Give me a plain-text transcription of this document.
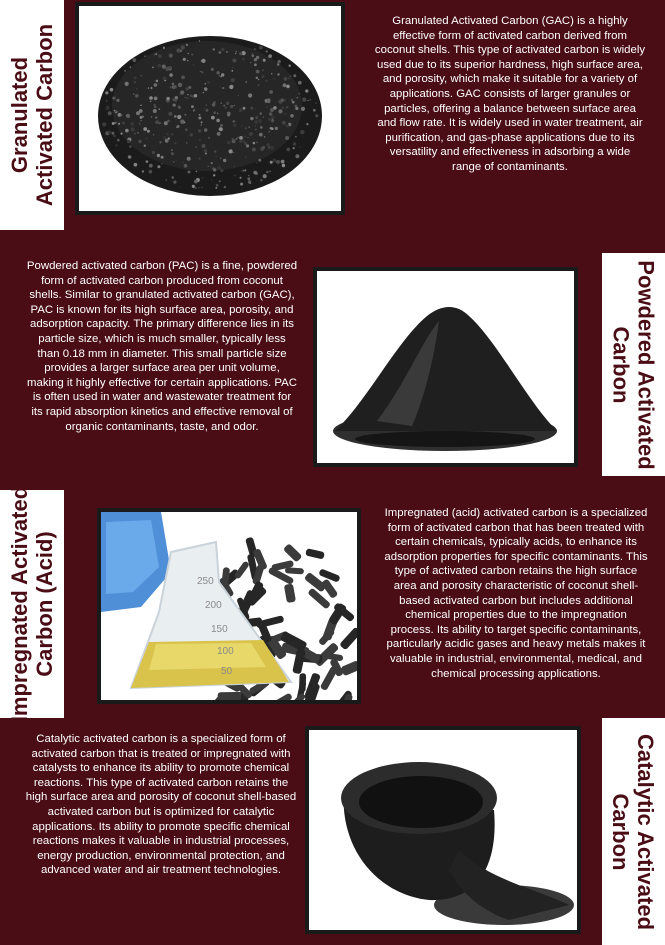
Granulated
Activated Carbon

Granulated Activated Carbon (GAC) is a highly effective form of activated carbon derived from coconut shells. This type of activated carbon is widely used due to its superior hardness, high surface area, and porosity, which make it suitable for a variety of applications. GAC consists of larger granules or particles, offering a balance between surface area and flow rate. It is widely used in water treatment, air purification, and gas-phase applications due to its versatility and effectiveness in adsorbing a wide range of contaminants.

Powdered activated carbon (PAC) is a fine, powdered form of activated carbon produced from coconut shells. Similar to granulated activated carbon (GAC), PAC is known for its high surface area, porosity, and adsorption capacity. The primary difference lies in its particle size, which is much smaller, typically less than 0.18 mm in diameter. This small particle size provides a larger surface area per unit volume, making it highly effective for certain applications. PAC is often used in water and wastewater treatment for its rapid absorption kinetics and effective removal of organic contaminants, taste, and odor.	Powdered Activated
Carbon
Impregnated Activated
Carbon (Acid)	250
200
150
100
50

Impregnated (acid) activated carbon is a specialized form of activated carbon that has been treated with certain chemicals, typically acids, to enhance its adsorption properties for specific contaminants. This type of activated carbon retains the high surface area and porosity characteristic of coconut shell-based activated carbon but includes additional chemical properties due to the impregnation process. Its ability to target specific contaminants, particularly acidic gases and heavy metals makes it valuable in industrial, environmental, medical, and chemical processing applications.

Catalytic activated carbon is a specialized form of activated carbon that is treated or impregnated with catalysts to enhance its ability to promote chemical reactions. This type of activated carbon retains the high surface area and porosity of coconut shell-based activated carbon but is optimized for catalytic applications. Its ability to promote specific chemical reactions makes it valuable in industrial processes, energy production, environmental protection, and advanced water and air treatment technologies.	Catalytic Activated
Carbon
